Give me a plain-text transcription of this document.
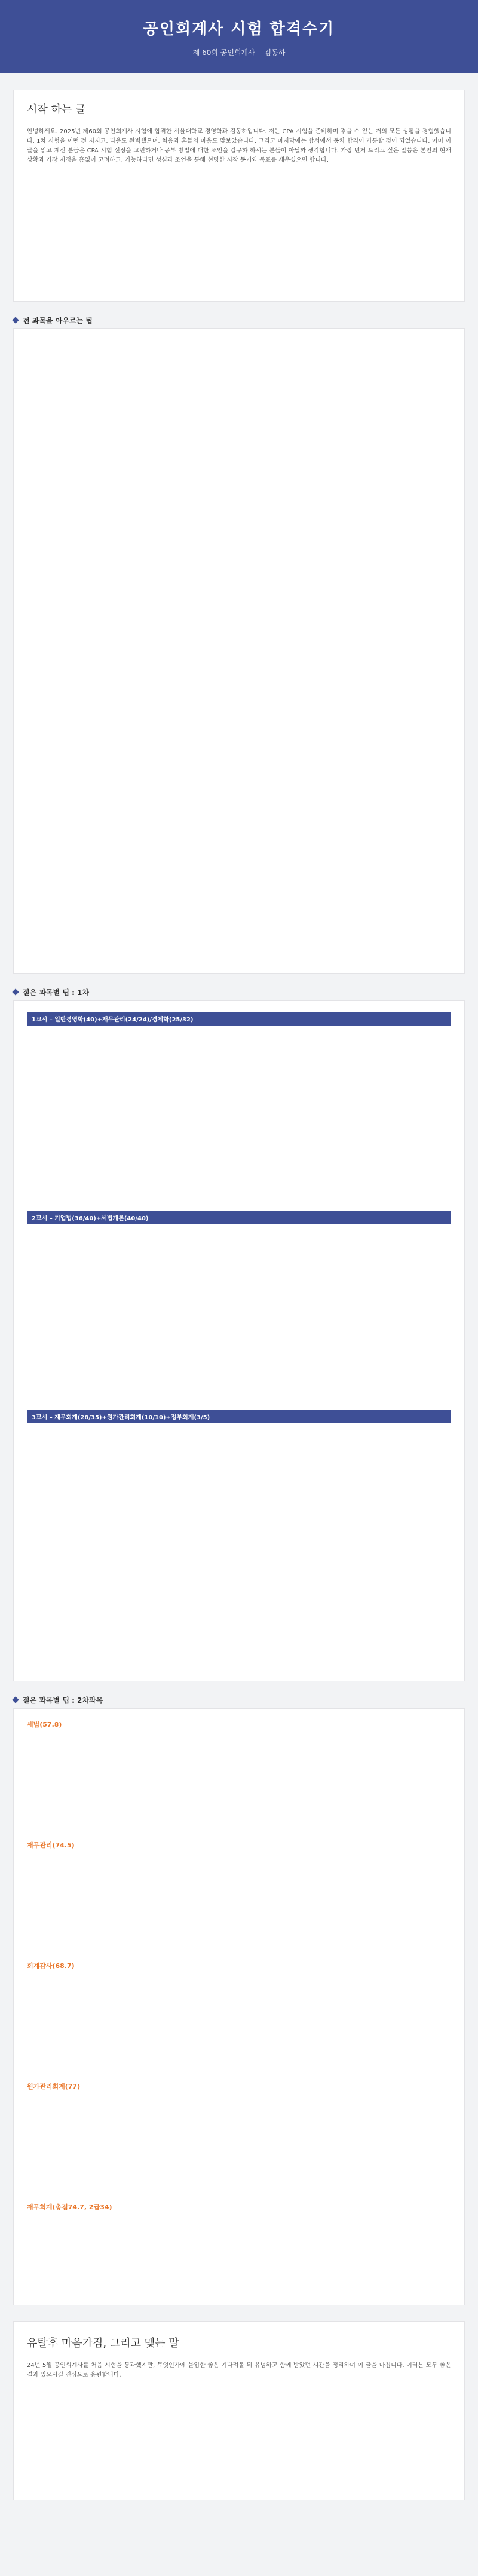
공인회계사 시험 합격수기
제 60회 공인회계사 김동하
시작 하는 글

안녕하세요. 2025년 제60회 공인회계사 시험에 합격한 서울대학교 경영학과 김동하입니다. 저는 CPA 시험을 준비하며 겪을 수 있는 거의 모든 상황을 경험했습니다. 1차 시험을 어떤 전 저지고, 다음도 완벽했으며, 처음과 흔들의 마음도 맞보았습니다. 그리고 마지막에는 합서에서 동차 합격이 가통할 것이 되었습니다. 이미 이 글을 읽고 계신 분들은 CPA 시험 선정을 고민하거나 공부 방법에 대한 조언을 갈구하 하시는 분들이 아닐까 생각합니다. 가장 먼저 드리고 싶은 말씀은 본인의 현재 상황과 가장 저정을 흠없이 고려하고, 가능하다면 성심과 조언을 통해 현명한 시작 동기와 목표를 세우셨으면 합니다.

전 과목을 아우르는 팁
절은 과목별 팁 : 1차
1교시 – 일반경영학(40)+재무관리(24/24)/경제학(25/32)
2교시 – 기업법(36/40)+세법개론(40/40)
3교시 – 재무회계(28/35)+원가관리회계(10/10)+정부회계(3/5)
절은 과목별 팁 : 2차과목
세법(57.8)
재무관리(74.5)
회계감사(68.7)
원가관리회계(77)
재무회계(총점74.7, 2급34)
유탈후 마음가짐, 그리고 맺는 말

24년 5월 공인회계사를 처음 시험을 통과했지만, 무엇인가에 몰입한 좋은 기다려볼 뒤 유념하고 함께 받았던 시간을 정리하며 이 글을 마칩니다. 여러분 모두 좋은 결과 있으시길 진심으로 응원합니다.
